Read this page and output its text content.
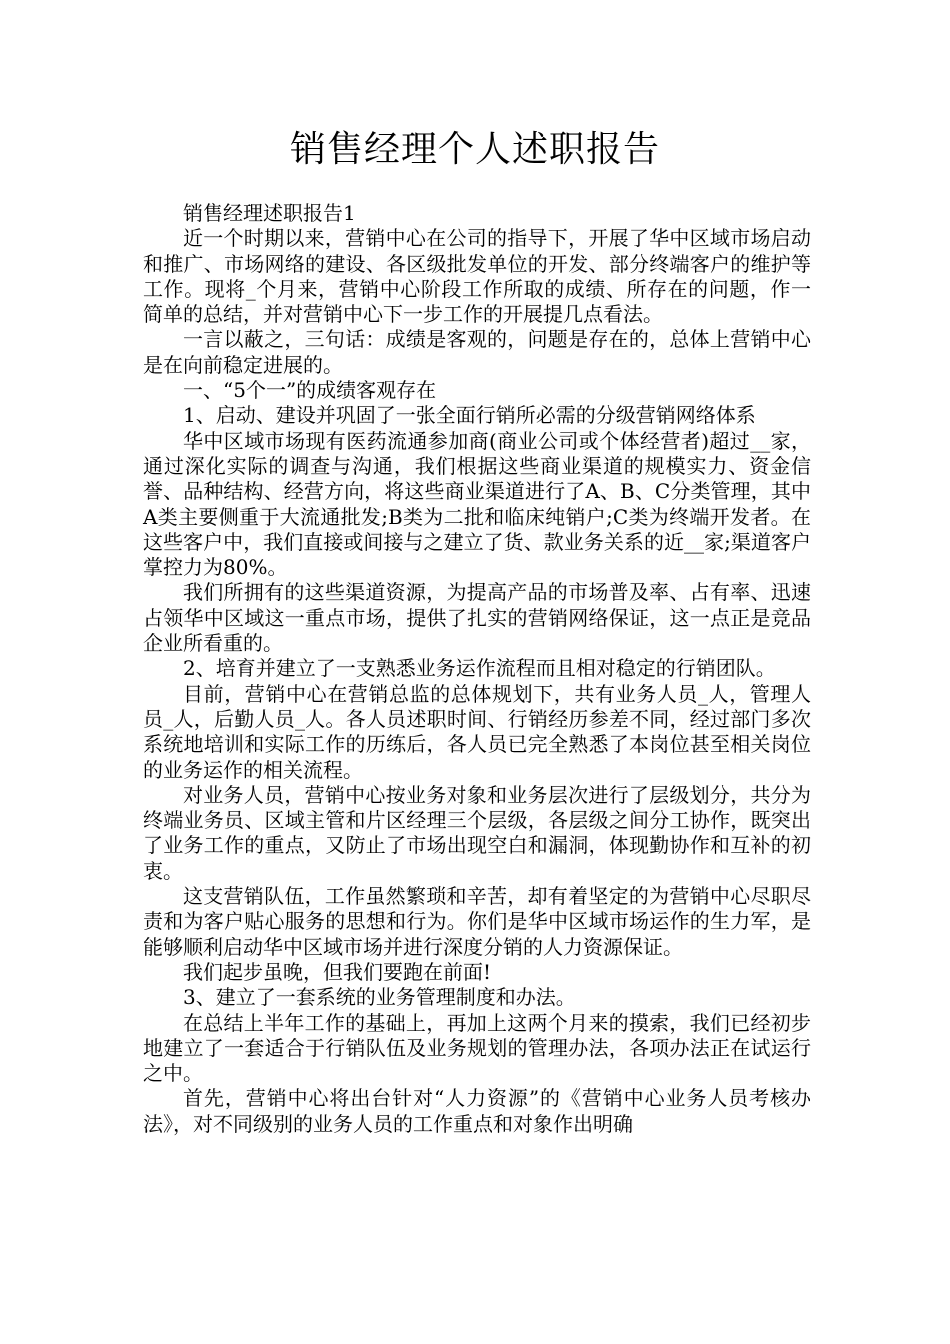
销售经理个人述职报告

销售经理述职报告1

近一个时期以来，营销中心在公司的指导下，开展了华中区域市场启动和推广、市场网络的建设、各区级批发单位的开发、部分终端客户的维护等工作。现将_个月来，营销中心阶段工作所取的成绩、所存在的问题，作一简单的总结，并对营销中心下一步工作的开展提几点看法。

一言以蔽之，三句话：成绩是客观的，问题是存在的，总体上营销中心是在向前稳定进展的。

一、“5个一”的成绩客观存在

1、启动、建设并巩固了一张全面行销所必需的分级营销网络体系

华中区域市场现有医药流通参加商(商业公司或个体经营者)超过__家，通过深化实际的调查与沟通，我们根据这些商业渠道的规模实力、资金信誉、品种结构、经营方向，将这些商业渠道进行了A、B、C分类管理，其中A类主要侧重于大流通批发;B类为二批和临床纯销户;C类为终端开发者。在这些客户中，我们直接或间接与之建立了货、款业务关系的近__家;渠道客户掌控力为80%。

我们所拥有的这些渠道资源，为提高产品的市场普及率、占有率、迅速占领华中区域这一重点市场，提供了扎实的营销网络保证，这一点正是竞品企业所看重的。

2、培育并建立了一支熟悉业务运作流程而且相对稳定的行销团队。

目前，营销中心在营销总监的总体规划下，共有业务人员_人，管理人员_人，后勤人员_人。各人员述职时间、行销经历参差不同，经过部门多次系统地培训和实际工作的历练后，各人员已完全熟悉了本岗位甚至相关岗位的业务运作的相关流程。

对业务人员，营销中心按业务对象和业务层次进行了层级划分，共分为终端业务员、区域主管和片区经理三个层级，各层级之间分工协作，既突出了业务工作的重点，又防止了市场出现空白和漏洞，体现勤协作和互补的初衷。

这支营销队伍，工作虽然繁琐和辛苦，却有着坚定的为营销中心尽职尽责和为客户贴心服务的思想和行为。你们是华中区域市场运作的生力军，是能够顺利启动华中区域市场并进行深度分销的人力资源保证。

我们起步虽晚，但我们要跑在前面!

3、建立了一套系统的业务管理制度和办法。

在总结上半年工作的基础上，再加上这两个月来的摸索，我们已经初步地建立了一套适合于行销队伍及业务规划的管理办法，各项办法正在试运行之中。

首先，营销中心将出台针对“人力资源”的《营销中心业务人员考核办法》，对不同级别的业务人员的工作重点和对象作出明确
